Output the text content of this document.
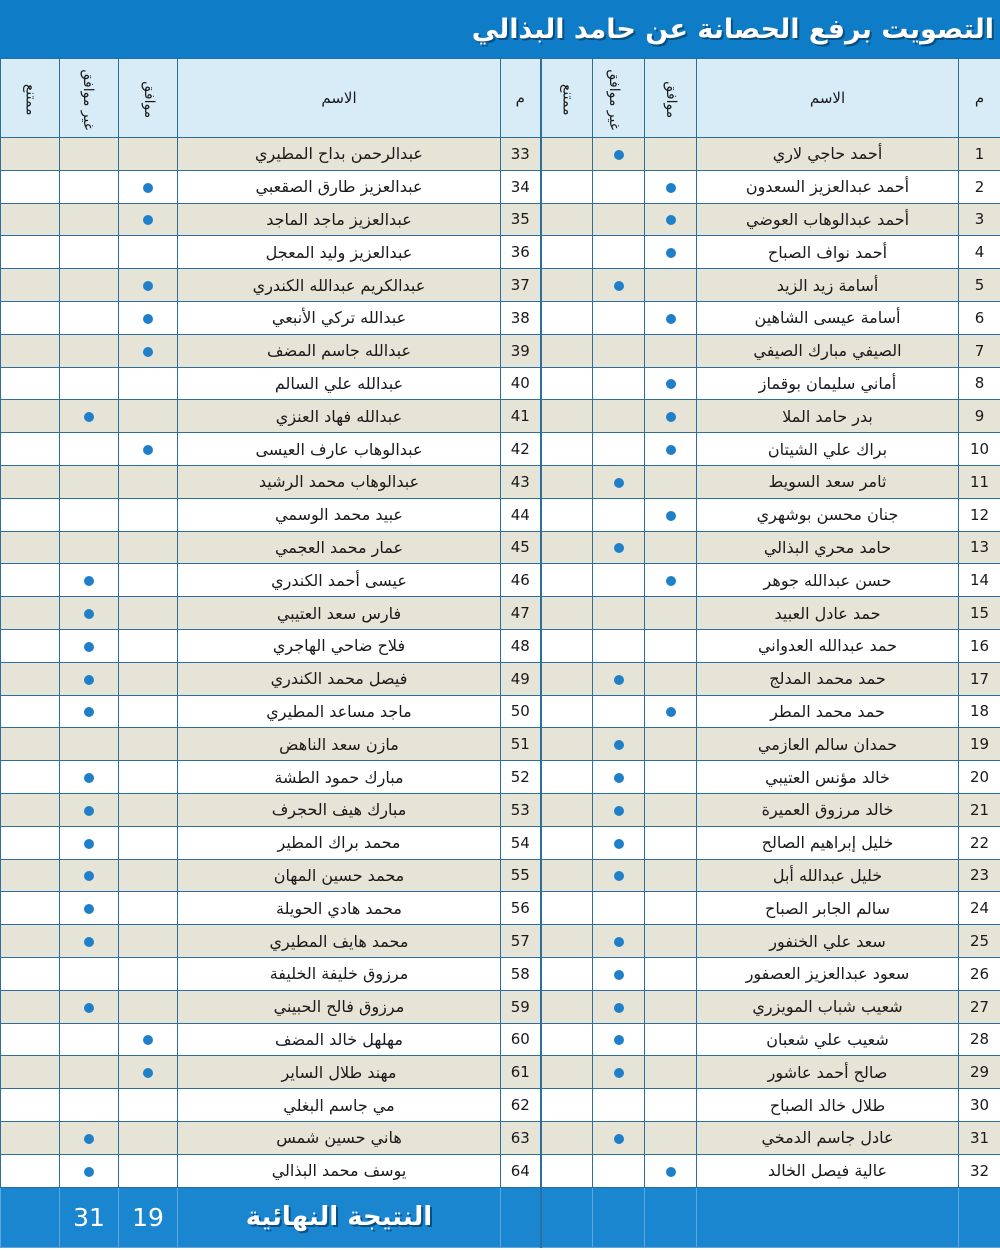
التصويت برفع الحصانة عن حامد البذالي
م	الاسم	موافق	غير موافق	ممتنع	م	الاسم	موافق	غير موافق	ممتنع
1	أحمد حاجي لاري				33	عبدالرحمن بداح المطيري			
2	أحمد عبدالعزيز السعدون				34	عبدالعزيز طارق الصقعبي			
3	أحمد عبدالوهاب العوضي				35	عبدالعزيز ماجد الماجد			
4	أحمد نواف الصباح				36	عبدالعزيز وليد المعجل			
5	أسامة زيد الزيد				37	عبدالكريم عبدالله الكندري			
6	أسامة عيسى الشاهين				38	عبدالله تركي الأنبعي			
7	الصيفي مبارك الصيفي				39	عبدالله جاسم المضف			
8	أماني سليمان بوقماز				40	عبدالله علي السالم			
9	بدر حامد الملا				41	عبدالله فهاد العنزي			
10	براك علي الشيتان				42	عبدالوهاب عارف العيسى			
11	ثامر سعد السويط				43	عبدالوهاب محمد الرشيد			
12	جنان محسن بوشهري				44	عبيد محمد الوسمي			
13	حامد محري البذالي				45	عمار محمد العجمي			
14	حسن عبدالله جوهر				46	عيسى أحمد الكندري			
15	حمد عادل العبيد				47	فارس سعد العتيبي			
16	حمد عبدالله العدواني				48	فلاح ضاحي الهاجري			
17	حمد محمد المدلج				49	فيصل محمد الكندري			
18	حمد محمد المطر				50	ماجد مساعد المطيري			
19	حمدان سالم العازمي				51	مازن سعد الناهض			
20	خالد مؤنس العتيبي				52	مبارك حمود الطشة			
21	خالد مرزوق العميرة				53	مبارك هيف الحجرف			
22	خليل إبراهيم الصالح				54	محمد براك المطير			
23	خليل عبدالله أبل				55	محمد حسين المهان			
24	سالم الجابر الصباح				56	محمد هادي الحويلة			
25	سعد علي الخنفور				57	محمد هايف المطيري			
26	سعود عبدالعزيز العصفور				58	مرزوق خليفة الخليفة			
27	شعيب شباب المويزري				59	مرزوق فالح الحبيني			
28	شعيب علي شعبان				60	مهلهل خالد المضف			
29	صالح أحمد عاشور				61	مهند طلال الساير			
30	طلال خالد الصباح				62	مي جاسم البغلي			
31	عادل جاسم الدمخي				63	هاني حسين شمس			
32	عالية فيصل الخالد				64	يوسف محمد البذالي			
						النتيجة النهائية	19	31	
